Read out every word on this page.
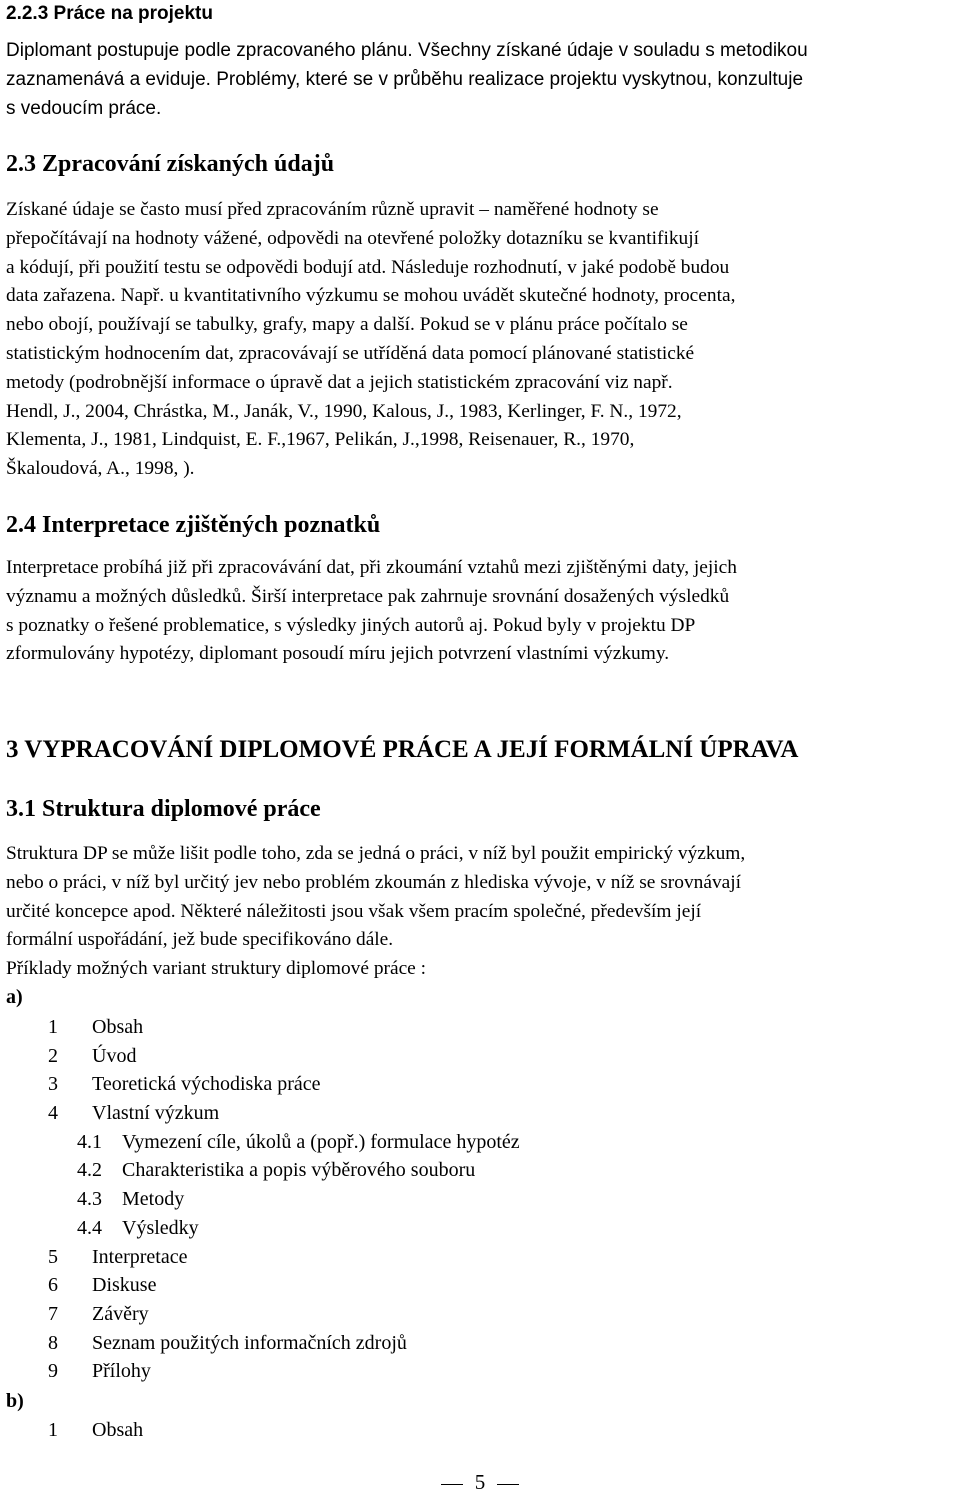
2.2.3 Práce na projektu
Diplomant postupuje podle zpracovaného plánu. Všechny získané údaje v souladu s metodikou
zaznamenává a eviduje. Problémy, které se v průběhu realizace projektu vyskytnou, konzultuje
s vedoucím práce.
2.3 Zpracování získaných údajů
Získané údaje se často musí před zpracováním různě upravit – naměřené hodnoty se
přepočítávají na hodnoty vážené, odpovědi na otevřené položky dotazníku se kvantifikují
a kódují, při použití testu se odpovědi bodují atd. Následuje rozhodnutí, v jaké podobě budou
data zařazena. Např. u kvantitativního výzkumu se mohou uvádět skutečné hodnoty, procenta,
nebo obojí, používají se tabulky, grafy, mapy a další. Pokud se v plánu práce počítalo se
statistickým hodnocením dat, zpracovávají se utříděná data pomocí plánované statistické
metody (podrobnější informace o úpravě dat a jejich statistickém zpracování viz např.
Hendl, J., 2004, Chrástka, M., Janák, V., 1990, Kalous, J., 1983, Kerlinger, F. N., 1972,
Klementa, J., 1981, Lindquist, E. F.,1967, Pelikán, J.,1998, Reisenauer, R., 1970,
Škaloudová, A., 1998, ).
2.4 Interpretace zjištěných poznatků
Interpretace probíhá již při zpracovávání dat, při zkoumání vztahů mezi zjištěnými daty, jejich
významu a možných důsledků. Širší interpretace pak zahrnuje srovnání dosažených výsledků
s poznatky o řešené problematice, s výsledky jiných autorů aj. Pokud byly v projektu DP
zformulovány hypotézy, diplomant posoudí míru jejich potvrzení vlastními výzkumy.
3 VYPRACOVÁNÍ DIPLOMOVÉ PRÁCE A JEJÍ FORMÁLNÍ ÚPRAVA
3.1 Struktura diplomové práce
Struktura DP se může lišit podle toho, zda se jedná o práci, v níž byl použit empirický výzkum,
nebo o práci, v níž byl určitý jev nebo problém zkoumán z hlediska vývoje, v níž se srovnávají
určité koncepce apod. Některé náležitosti jsou však všem pracím společné, především její
formální uspořádání, jež bude specifikováno dále.
Příklady možných variant struktury diplomové práce :
a)
1 Obsah
2 Úvod
3 Teoretická východiska práce
4 Vlastní výzkum
4.1 Vymezení cíle, úkolů a (popř.) formulace hypotéz
4.2 Charakteristika a popis výběrového souboru
4.3 Metody
4.4 Výsledky
5 Interpretace
6 Diskuse
7 Závěry
8 Seznam použitých informačních zdrojů
9 Přílohy
b)
1 Obsah
5
